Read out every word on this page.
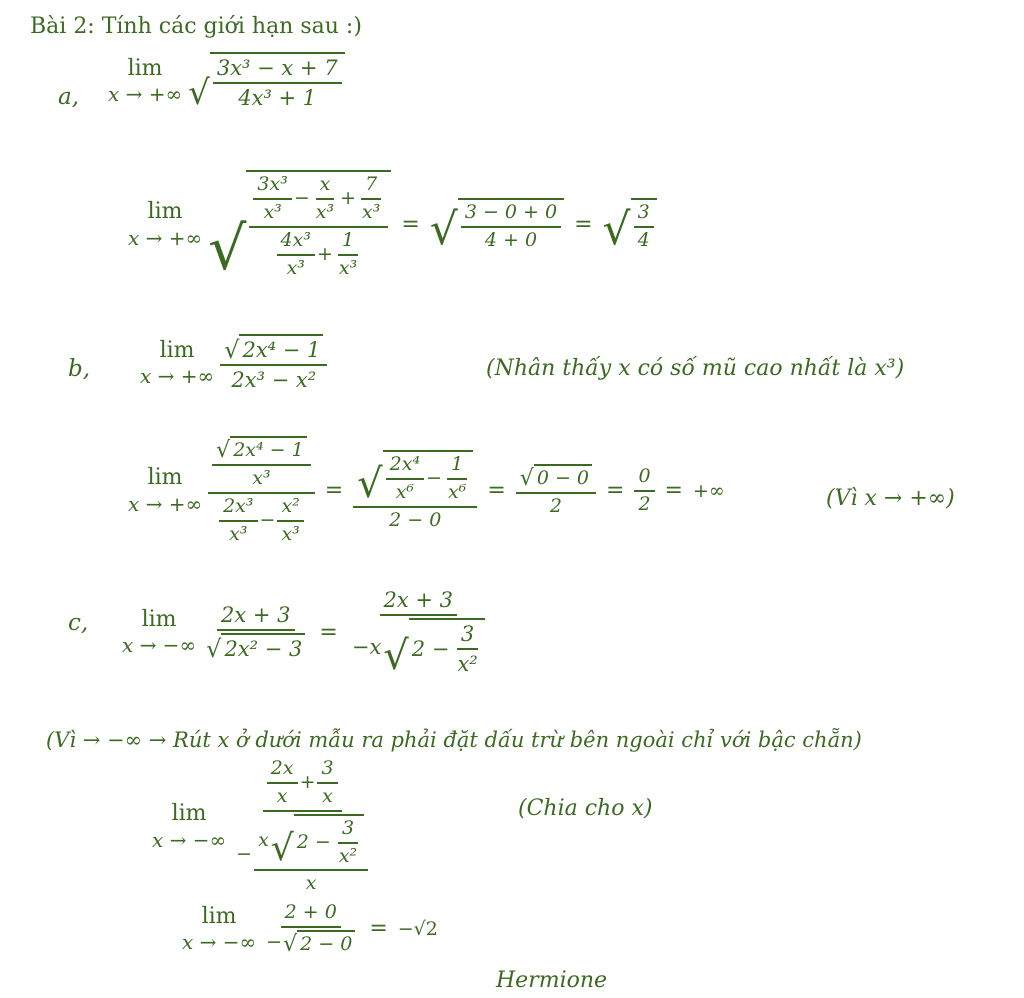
Bài 2: Tính các giới hạn sau :)
a,
lim
x → +∞ √ $\frac{\text{3x³ − x + 7}}{\text{4x³ + 1}}$
lim
x → +∞ √ $\frac{\frac{\text{3x³}}{\text{x³}} - \frac{x}{\text{x³}} + \frac{7}{\text{x³}}}{\frac{\text{4x³}}{\text{x³}} + \frac{1}{\text{x³}}}$ = √ $\frac{3 - 0 + 0}{4 + 0}$ = √ $\frac{3}{4}$
b,
lim
x → +∞ $\frac{\text{√ 2x⁴ − 1}}{\text{2x³ − x²}}$	(Nhân thấy x có số mũ cao nhất là x³)
lim
x → +∞ $\frac{\frac{\text{√ 2x⁴ − 1}}{\text{x³}}}{\frac{\text{2x³}}{\text{x³}} - \frac{\text{x²}}{\text{x³}}} = \frac{√ \frac{\text{2x⁴}}{\text{x⁶}} - \frac{1}{\text{x⁶}}}{2 - 0} = \frac{√ 0 - 0}{2} = \frac{0}{2}$ = +∞	(Vì x → +∞)
c, lim
x → −∞ $\frac{2x + 3}{\text{√ 2x² − 3}} = \frac{2x + 3}{-x √ 2 - \frac{3}{\text{x²}}}$
(Vì → −∞ → Rút x ở dưới mẫu ra phải đặt dấu trừ bên ngoài chỉ với bậc chẵn)
lim
x → −∞
$\frac{2x}{x} + \frac{3}{x}$
− $\frac{x √ 2 - \frac{3}{\text{x²}}}{x}$
(Chia cho x)
lim
x → −∞ $\frac{2 + 0}{- √ 2 - 0} = -√2$
Hermione
